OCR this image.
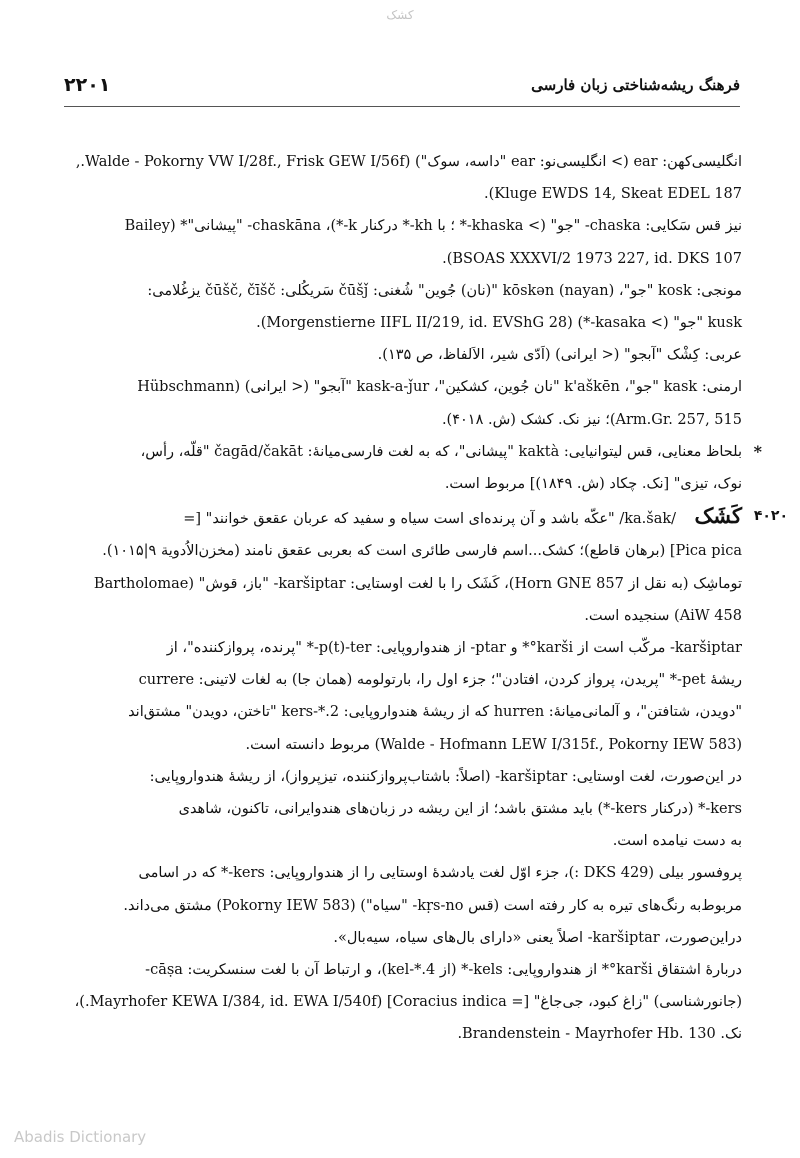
کشک
۲۲۰۱	فرهنگ ریشه‌شناختی زبان فارسی

انگلیسی‌کهن: ear (> انگلیسی‌نو: ear "داسه، سوک") (Walde - Pokorny VW I/28f., Frisk GEW I/56f.,

Kluge EWDS 14, Skeat EDEL 187).

نیز قس سَکایی: chaska- "جو" (> khaska-* ؛ با kh-* درکنار k-*)، chaskāna- "پیشانی"* (Bailey

BSOAS XXXVI/2 1973 227, id. DKS 107).

مونجی: kosk "جو"، kōskən (nayan) "(نان) جُوین" شُغنی: čūšǰ سَریکُلی: čūšč, čīšč یزغُلامی:

kusk "جو" (> kasaka-*) (Morgenstierne IIFL II/219, id. EVShG 28).

عربی: کِشْک "آبجو" (< ایرانی) (اَدّی شیر، الاَلفاظ، ص ۱۳۵).

ارمنی: kask "جو"، k'aškēn "نان جُوین، کشکین"، kask-a-ǰur "آبجو" (< ایرانی) (Hübschmann

Arm.Gr. 257, 515)؛ نیز نک. کشک (ش. ۴۰۱۸).

*

بلحاظ معنایی، قس لیتوانیایی: kaktà "پیشانی"، که به لغت فارسی‌میانهٔ: čagād/čakāt "قلّه، رأس،

نوک، تیزی" [نک. چکاد (ش. ۱۸۴۹)] مربوط است.

۴۰۲۰
کَشَک    /ka.šak/ "عکّه باشد و آن پرنده‌ای است سیاه و سفید که عربان عقعق خوانند" [=

Pica pica] (برهان قاطع)؛ کشک...اسم فارسی طائری است که بعربی عقعق نامند (مخزن‌الاُدویة ۹|۱۰۱۵).

توماشِک (به نقل از Horn GNE 857)، کَشَک را با لغت اوستایی: karšiptar- "باز، قوش" (Bartholomae

AiW 458) سنجیده است.

karšiptar- مرکّب است از karši°* و ptar- از هندواروپایی: p(t)-ter-* "پرنده، پروازکننده"، از

ریشهٔ pet-* "پریدن، پرواز کردن، افتادن"؛ جزء اول را، بارتولومه (همان جا) به لغات لاتینی: currere

"دویدن، شتافتن"، و آلمانی‌میانهٔ: hurren که از ریشهٔ هندواروپایی: kers-*.2 "تاختن، دویدن" مشتق‌اند

(Walde - Hofmann LEW I/315f., Pokorny IEW 583) مربوط دانسته است.

در این‌صورت، لغت اوستایی: karšiptar- (اصلاً: باشتاب‌پروازکننده، تیزپرواز)، از ریشهٔ هندواروپایی:

kers-* (درکنار kers-*) باید مشتق باشد؛ از این ریشه در زبان‌های هندوایرانی، تاکنون، شاهدی

به دست نیامده است.

پروفسور بیلی (DKS 429 :)، جزء اوّل لغت یادشدهٔ اوستایی را از هندواروپایی: kers-* که در اسامی

مربوط‌به رنگ‌های تیره به کار رفته است (قس kṛs-no- "سیاه") (Pokorny IEW 583) مشتق می‌داند.

دراین‌صورت، karšiptar- اصلاً یعنی «دارای بال‌های سیاه، سیه‌بال».

دربارهٔ اشتقاق karši°* از هندواروپایی: kels-* (از kel-*.4)، و ارتباط آن با لغت سنسکریت: cāṣa-

(جانورشناسی) "زاغ کبود، جی‌جاغ" [= Coracius indica] (Mayrhofer KEWA I/384, id. EWA I/540f.)،

نک. Brandenstein - Mayrhofer Hb. 130.

Abadis Dictionary
